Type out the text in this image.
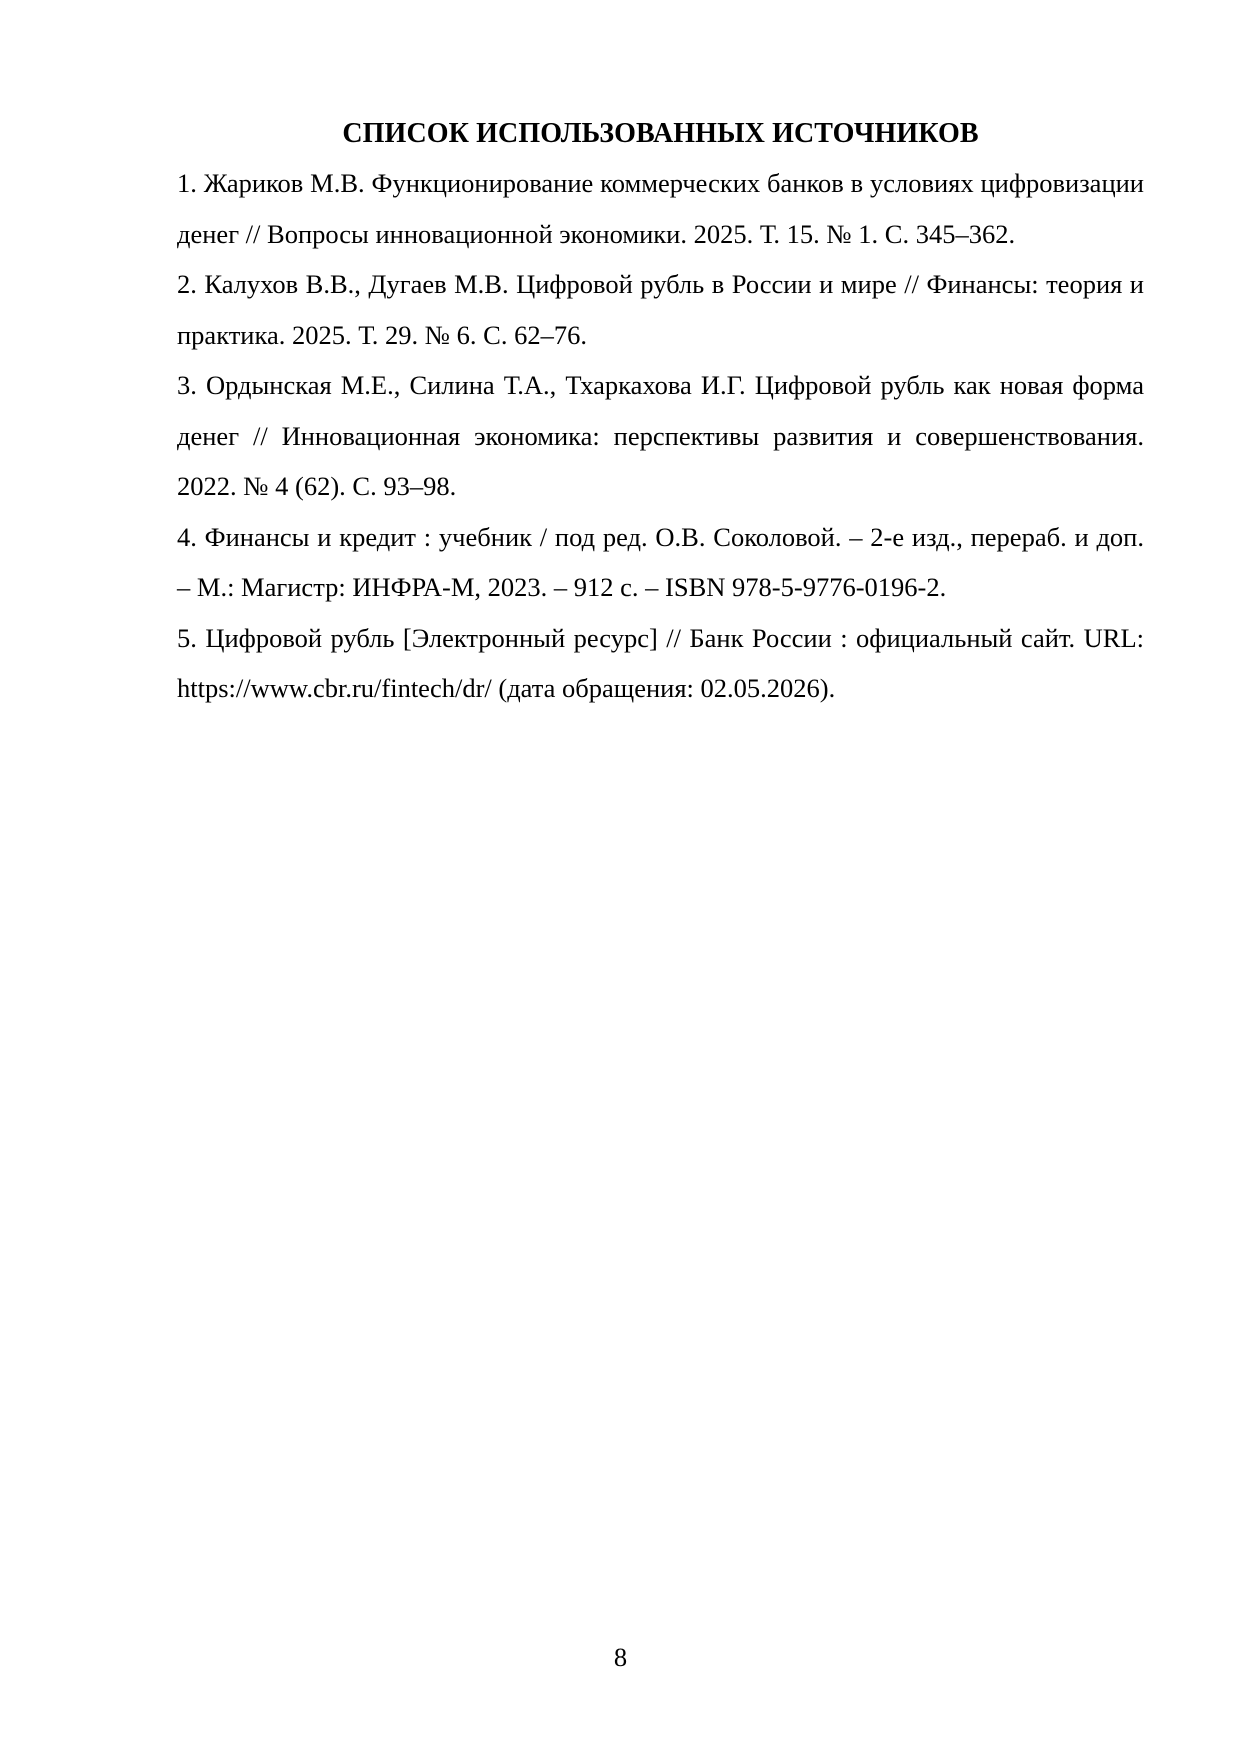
СПИСОК ИСПОЛЬЗОВАННЫХ ИСТОЧНИКОВ
1. Жариков М.В. Функционирование коммерческих банков в условиях цифровизации денег // Вопросы инновационной экономики. 2025. Т. 15. № 1. С. 345–362.
2. Калухов В.В., Дугаев М.В. Цифровой рубль в России и мире // Финансы: теория и практика. 2025. Т. 29. № 6. С. 62–76.
3. Ордынская М.Е., Силина Т.А., Тхаркахова И.Г. Цифровой рубль как новая форма денег // Инновационная экономика: перспективы развития и совершенствования. 2022. № 4 (62). С. 93–98.
4. Финансы и кредит : учебник / под ред. О.В. Соколовой. – 2-е изд., перераб. и доп. – М.: Магистр: ИНФРА-М, 2023. – 912 с. – ISBN 978-5-9776-0196-2.
5. Цифровой рубль [Электронный ресурс] // Банк России : официальный сайт. URL: https://www.cbr.ru/fintech/dr/ (дата обращения: 02.05.2026).
8
